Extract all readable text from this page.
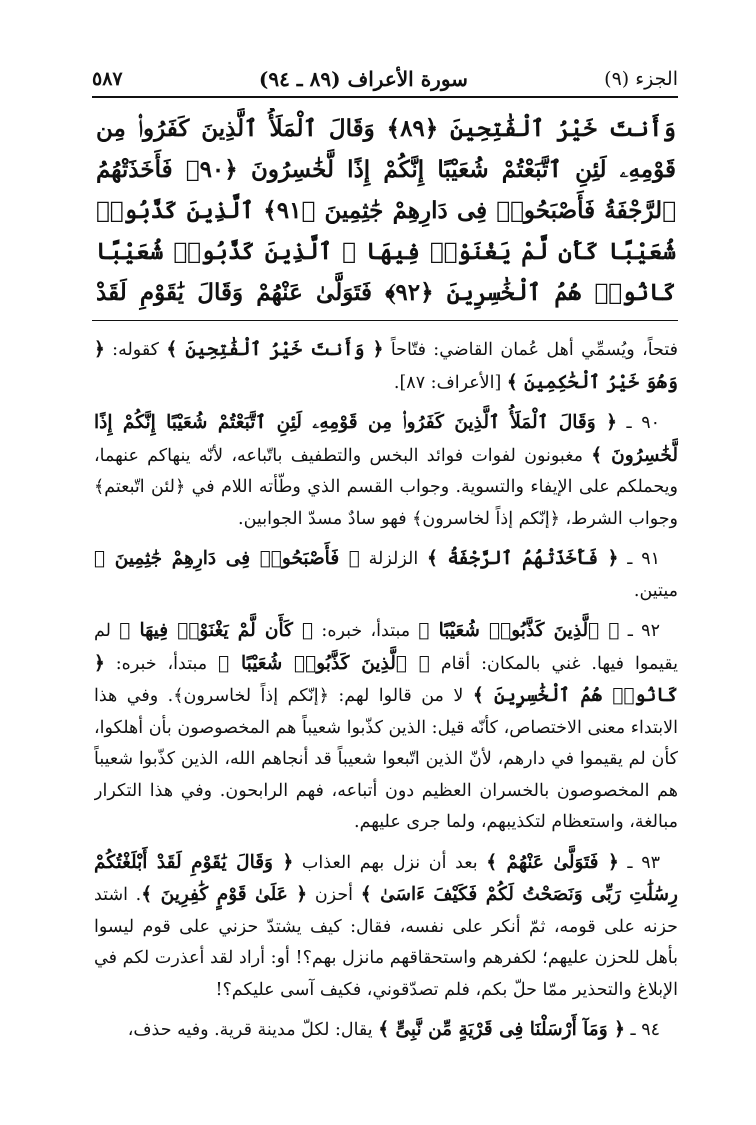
الجزء (٩)
سورة الأعراف (٨٩ ـ ٩٤)
٥٨٧
وَأَنتَ خَيْرُ ٱلْفَٰتِحِينَ ﴿٨٩﴾ وَقَالَ ٱلْمَلَأُ ٱلَّذِينَ كَفَرُوا۟ مِن قَوْمِهِۦ لَئِنِ ٱتَّبَعْتُمْ شُعَيْبًا إِنَّكُمْ إِذًا لَّخَٰسِرُونَ ﴿٩٠﴾ فَأَخَذَتْهُمُ ٱلرَّجْفَةُ فَأَصْبَحُوا۟ فِى دَارِهِمْ جَٰثِمِينَ ﴿٩١﴾ ٱلَّذِينَ كَذَّبُوا۟ شُعَيْبًا كَأَن لَّمْ يَغْنَوْا۟ فِيهَا ۚ ٱلَّذِينَ كَذَّبُوا۟ شُعَيْبًا كَانُوا۟ هُمُ ٱلْخَٰسِرِينَ ﴿٩٢﴾ فَتَوَلَّىٰ عَنْهُمْ وَقَالَ يَٰقَوْمِ لَقَدْ

فتحاً، ويُسمِّي أهل عُمان القاضي: فتّاحاً ﴿ وَأَنتَ خَيْرُ ٱلْفَٰتِحِينَ ﴾ كقوله: ﴿ وَهُوَ خَيْرُ ٱلْحَٰكِمِينَ ﴾ [الأعراف: ٨٧].

٩٠ ـ ﴿ وَقَالَ ٱلْمَلَأُ ٱلَّذِينَ كَفَرُوا۟ مِن قَوْمِهِۦ لَئِنِ ٱتَّبَعْتُمْ شُعَيْبًا إِنَّكُمْ إِذًا لَّخَٰسِرُونَ ﴾ مغبونون لفوات فوائد البخس والتطفيف باتّباعه، لأنّه ينهاكم عنهما، ويحملكم على الإيفاء والتسوية. وجواب القسم الذي وطّأته اللام في ﴿لئن اتّبعتم﴾ وجواب الشرط، ﴿إنّكم إذاً لخاسرون﴾ فهو سادٌ مسدّ الجوابين.

٩١ ـ ﴿ فَأَخَذَتْهُمُ ٱلرَّجْفَةُ ﴾ الزلزلة ﴿ فَأَصْبَحُوا۟ فِى دَارِهِمْ جَٰثِمِينَ ﴾ ميتين.

٩٢ ـ ﴿ ٱلَّذِينَ كَذَّبُوا۟ شُعَيْبًا ﴾ مبتدأ، خبره: ﴿ كَأَن لَّمْ يَغْنَوْا۟ فِيهَا ﴾ لم يقيموا فيها. غني بالمكان: أقام ﴿ ٱلَّذِينَ كَذَّبُوا۟ شُعَيْبًا ﴾ مبتدأ، خبره: ﴿ كَانُوا۟ هُمُ ٱلْخَٰسِرِينَ ﴾ لا من قالوا لهم: ﴿إنّكم إذاً لخاسرون﴾. وفي هذا الابتداء معنى الاختصاص، كأنّه قيل: الذين كذّبوا شعيباً هم المخصوصون بأن أهلكوا، كأن لم يقيموا في دارهم، لأنّ الذين اتّبعوا شعيباً قد أنجاهم الله، الذين كذّبوا شعيباً هم المخصوصون بالخسران العظيم دون أتباعه، فهم الرابحون. وفي هذا التكرار مبالغة، واستعظام لتكذيبهم، ولما جرى عليهم.

٩٣ ـ ﴿ فَتَوَلَّىٰ عَنْهُمْ ﴾ بعد أن نزل بهم العذاب ﴿ وَقَالَ يَٰقَوْمِ لَقَدْ أَبْلَغْتُكُمْ رِسَٰلَٰتِ رَبِّى وَنَصَحْتُ لَكُمْ فَكَيْفَ ءَاسَىٰ ﴾ أحزن ﴿ عَلَىٰ قَوْمٍ كَٰفِرِينَ ﴾. اشتد حزنه على قومه، ثمّ أنكر على نفسه، فقال: كيف يشتدّ حزني على قوم ليسوا بأهل للحزن عليهم؛ لكفرهم واستحقاقهم مانزل بهم؟! أو: أراد لقد أعذرت لكم في الإبلاغ والتحذير ممّا حلّ بكم، فلم تصدّقوني، فكيف آسى عليكم؟!

٩٤ ـ ﴿ وَمَآ أَرْسَلْنَا فِى قَرْيَةٍ مِّن نَّبِىٍّ ﴾ يقال: لكلّ مدينة قرية. وفيه حذف،
